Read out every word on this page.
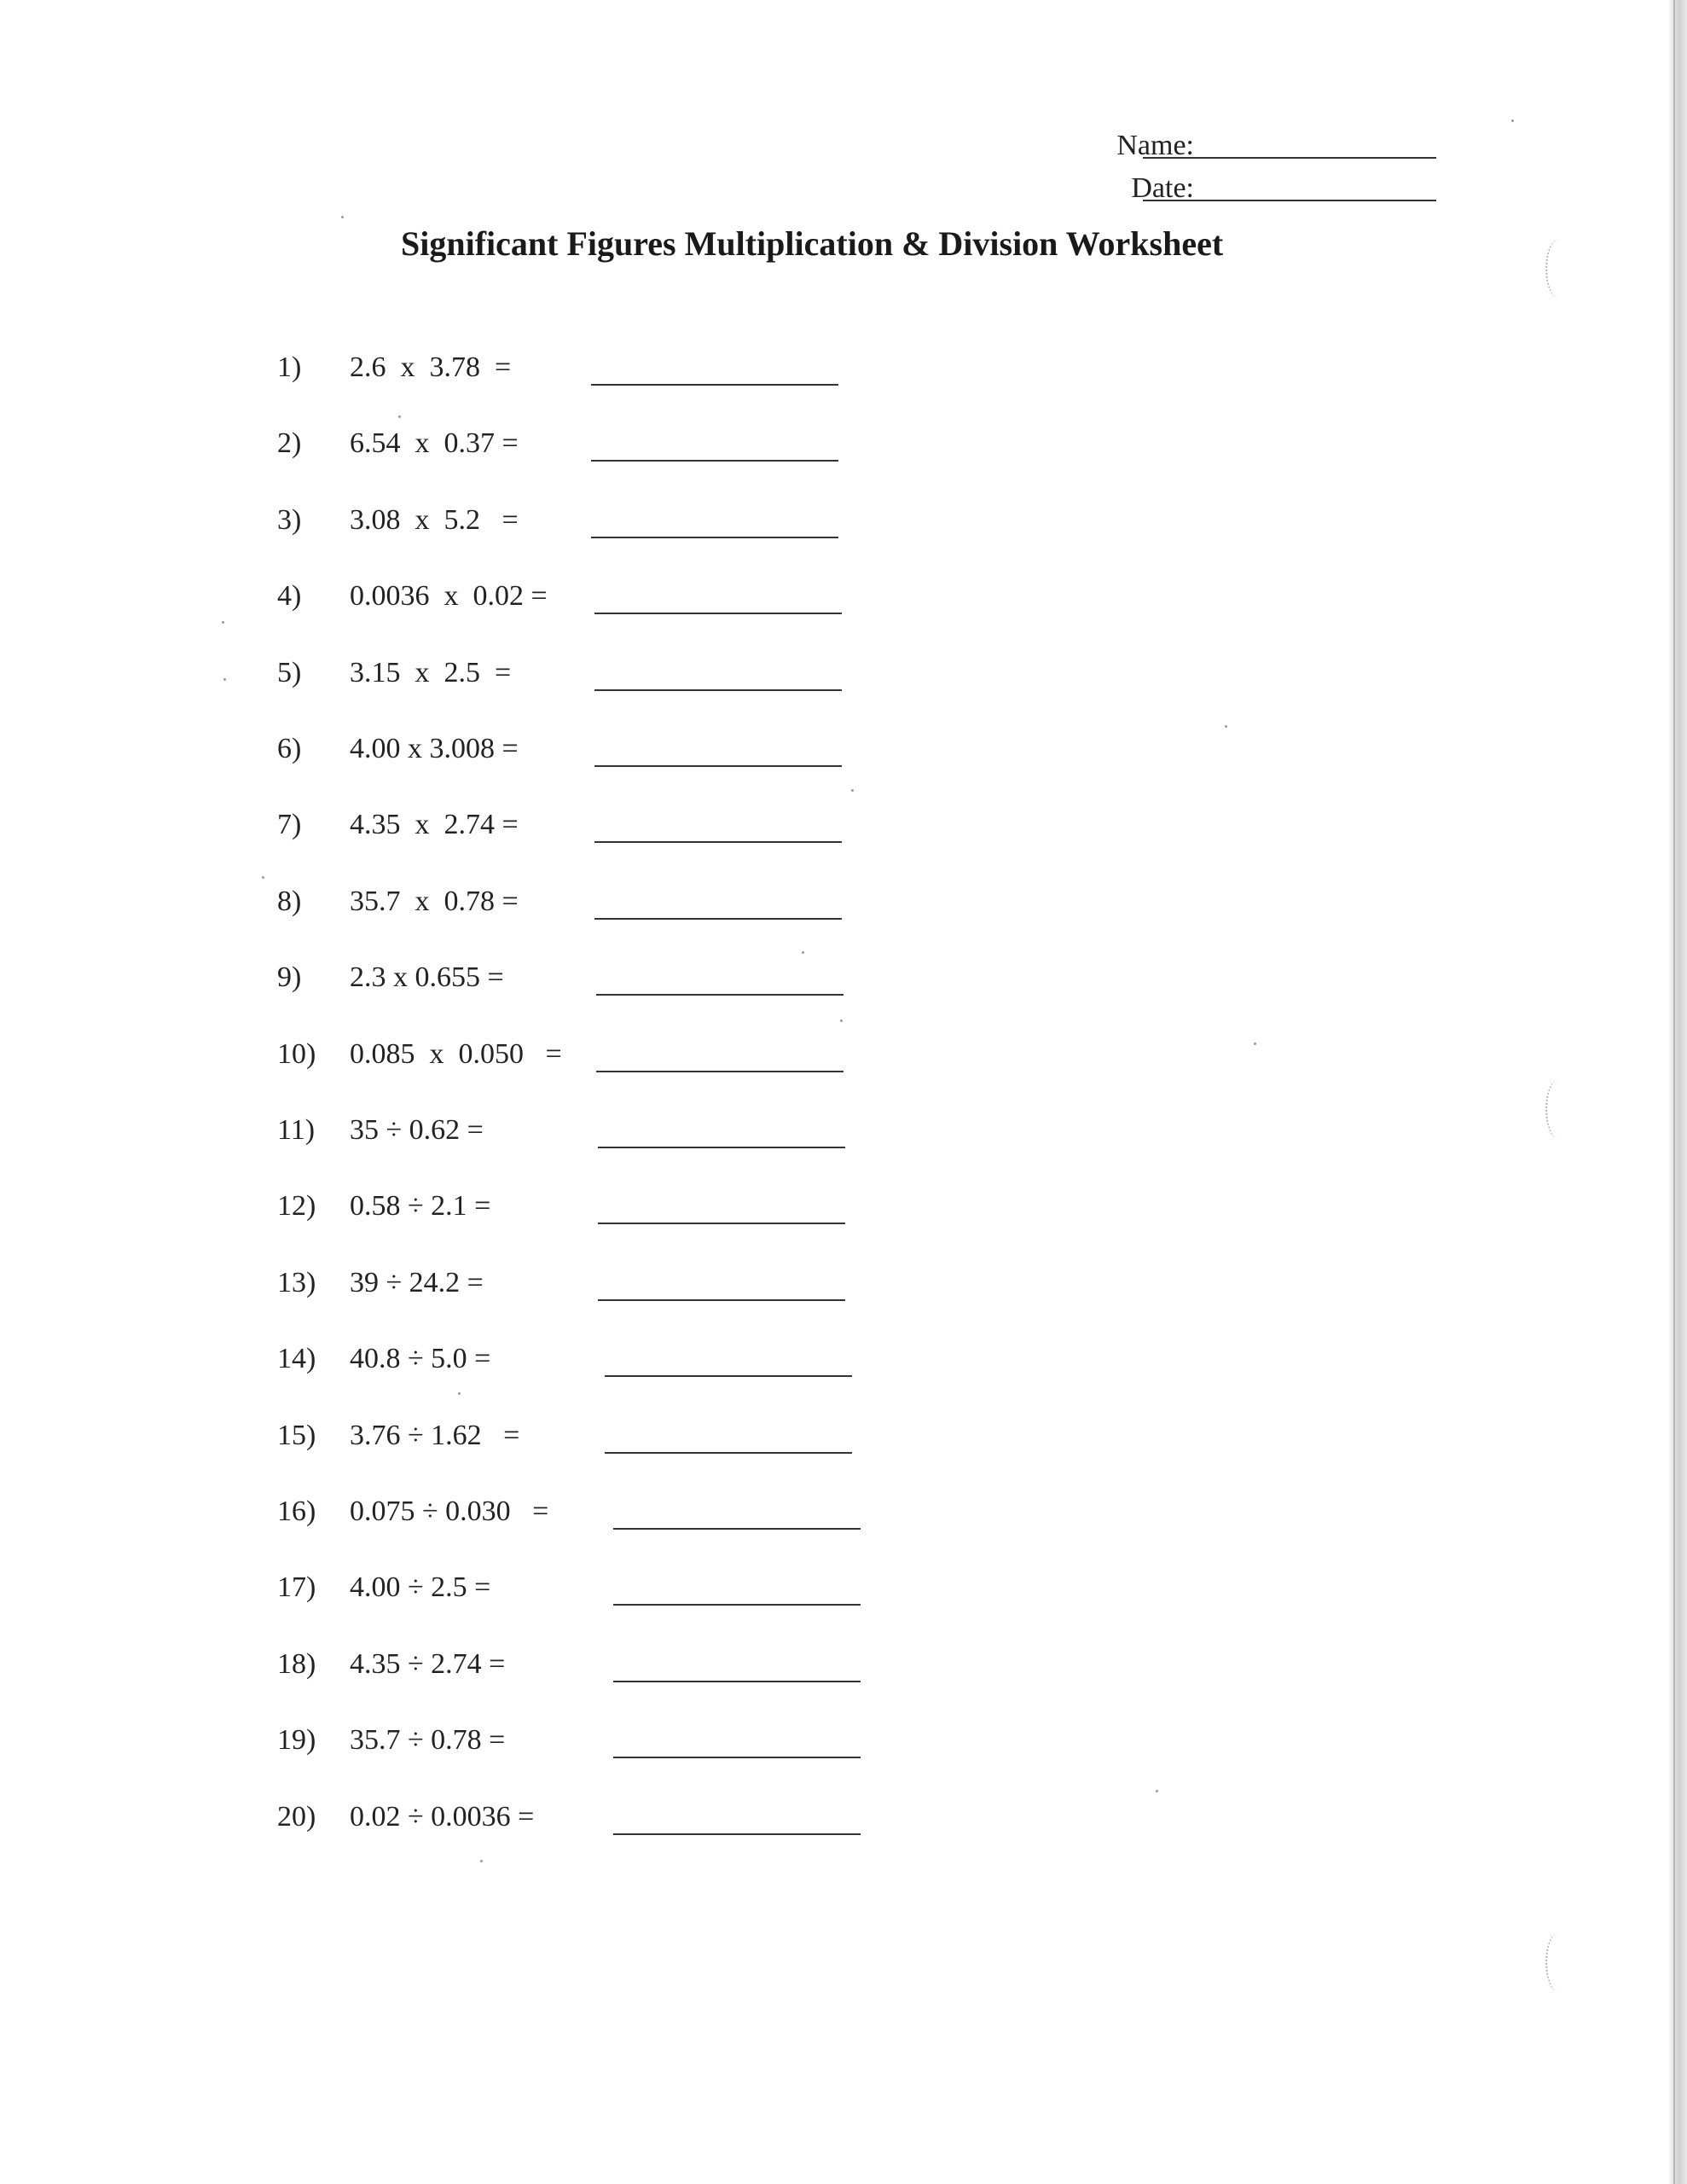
Name:
Date:
Significant Figures Multiplication & Division Worksheet
1) 2.6  x  3.78  =
2) 6.54  x  0.37 =
3) 3.08  x  5.2   =
4) 0.0036  x  0.02 =
5) 3.15  x  2.5  =
6) 4.00 x 3.008 =
7) 4.35  x  2.74 =
8) 35.7  x  0.78 =
9) 2.3 x 0.655 =
10) 0.085  x  0.050   =
11) 35 ÷ 0.62 =
12) 0.58 ÷ 2.1 =
13) 39 ÷ 24.2 =
14) 40.8 ÷ 5.0 =
15) 3.76 ÷ 1.62   =
16) 0.075 ÷ 0.030   =
17) 4.00 ÷ 2.5 =
18) 4.35 ÷ 2.74 =
19) 35.7 ÷ 0.78 =
20) 0.02 ÷ 0.0036 =
